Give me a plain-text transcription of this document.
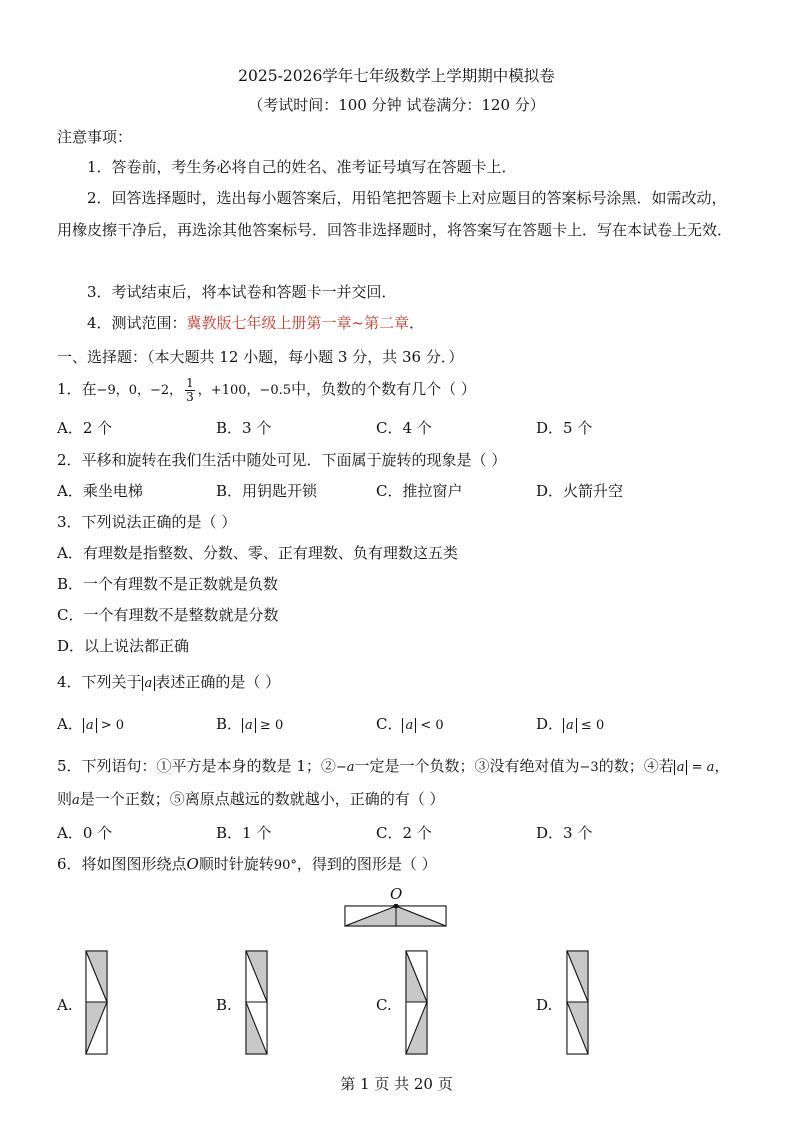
2025-2026学年七年级数学上学期期中模拟卷
（考试时间：100 分钟 试卷满分：120 分）
注意事项：
1．答卷前，考生务必将自己的姓名、准考证号填写在答题卡上．
2．回答选择题时，选出每小题答案后，用铅笔把答题卡上对应题目的答案标号涂黑．如需改动，用橡皮擦干净后，再选涂其他答案标号．回答非选择题时，将答案写在答题卡上．写在本试卷上无效．
3．考试结束后，将本试卷和答题卡一并交回．
4．测试范围：冀教版七年级上册第一章~第二章．
一、选择题：（本大题共 12 小题，每小题 3 分，共 36 分．）
1．在−9，0，−2， $\frac{1}{3}$ ，+100，−0.5中，负数的个数有几个（ ）
A．2 个	B．3 个	C．4 个	D．5 个
2．平移和旋转在我们生活中随处可见．下面属于旋转的现象是（ ）
A．乘坐电梯	B．用钥匙开锁	C．推拉窗户	D．火箭升空
3．下列说法正确的是（ ）
A．有理数是指整数、分数、零、正有理数、负有理数这五类
B．一个有理数不是正数就是负数
C．一个有理数不是整数就是分数
D．以上说法都正确
4．下列关于 a 表述正确的是（ ）
A． a > 0	B． a ≥ 0	C． a < 0	D． a ≤ 0
5．下列语句：①平方是本身的数是 1；②−a一定是一个负数；③没有绝对值为−3的数；④若 a = a，
则a是一个正数；⑤离原点越远的数就越小，正确的有（ ）
A．0 个	B．1 个	C．2 个	D．3 个
6．将如图图形绕点O顺时针旋转90°，得到的图形是（ ）
O
A.	B.	C.	D.
第 1 页 共 20 页
